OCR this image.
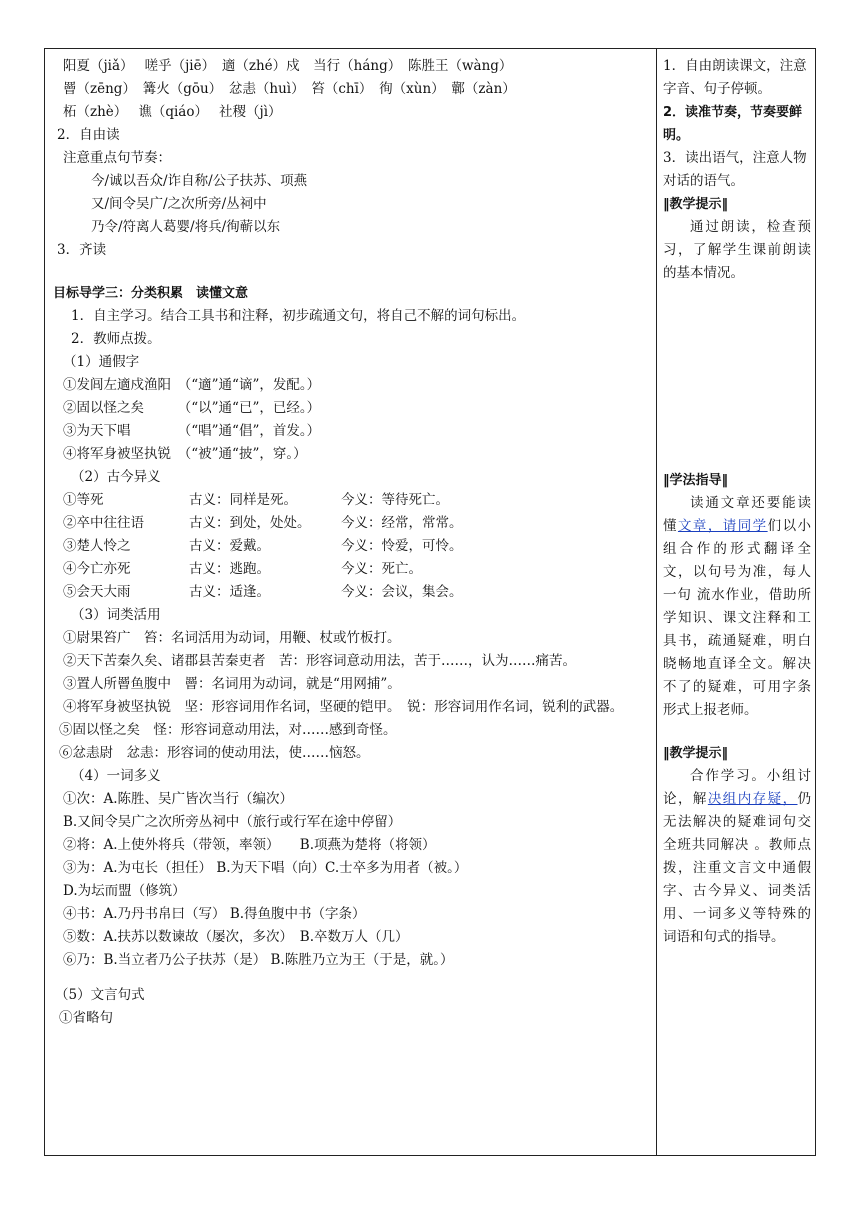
阳夏（jiǎ）　 嗟乎（jiē）　適（zhé）戍　当行（háng）　陈胜王（wàng）
罾（zēng）　篝火（gōu）　忿恚（huì）　笞（chī）　徇（xùn）　鄿（zàn）
柘（zhè）　 谯（qiáo）　 社稷（jì）
2．自由读
注意重点句节奏：
今/诚以吾众/诈自称/公子扶苏、项燕
又/间令吴广/之次所旁/丛祠中
乃令/符离人葛婴/将兵/徇蕲以东
3．齐读
目标导学三：分类积累　读懂文意
1．自主学习。结合工具书和注释，初步疏通文句，将自己不解的词句标出。
2．教师点拨。
（1）通假字
①发闾左適戍渔阳　（“適”通“谪”，发配。）
②固以怪之矣　　　（“以”通“已”，已经。）
③为天下唱　　　　（“唱”通“倡”，首发。）
④将军身被坚执锐　（“被”通“披”，穿。）
（2）古今异义
①等死	古义：同样是死。	今义：等待死亡。
②卒中往往语	古义：到处，处处。	今义：经常，常常。
③楚人怜之	古义：爱戴。	今义：怜爱，可怜。
④今亡亦死	古义：逃跑。	今义：死亡。
⑤会天大雨	古义：适逢。	今义：会议，集会。
（3）词类活用
①尉果笞广　笞：名词活用为动词，用鞭、杖或竹板打。
②天下苦秦久矣、诸郡县苦秦吏者　苦：形容词意动用法，苦于……，认为……痛苦。
③置人所罾鱼腹中　罾：名词用为动词，就是“用网捕”。
④将军身被坚执锐　坚：形容词用作名词，坚硬的铠甲。　锐：形容词用作名词，锐利的武器。
⑤固以怪之矣　怪：形容词意动用法，对……感到奇怪。
⑥忿恚尉　忿恚：形容词的使动用法，使……恼怒。
（4）一词多义
①次：A.陈胜、吴广皆次当行（编次）
B.又间令吴广之次所旁丛祠中（旅行或行军在途中停留）
②将：A.上使外将兵（带领，率领）　　B.项燕为楚将（将领）
③为：A.为屯长（担任） B.为天下唱（向）C.士卒多为用者（被。）
D.为坛而盟（修筑）
④书：A.乃丹书帛曰（写） B.得鱼腹中书（字条）
⑤数：A.扶苏以数谏故（屡次，多次）　B.卒数万人（几）
⑥乃：B.当立者乃公子扶苏（是） B.陈胜乃立为王（于是，就。）
（5）文言句式
①省略句
1．自由朗读课文，注意字音、句子停顿。
2．读准节奏，节奏要鲜明。
3．读出语气，注意人物对话的语气。
‖教学提示‖

通过朗读，检查预习，了解学生课前朗读的基本情况。

‖学法指导‖

读通文章还要能读懂文章，请同学们以小组合作的形式翻译全文，以句号为准，每人一句 流水作业，借助所学知识、课文注释和工具书，疏通疑难，明白晓畅地直译全文。解决不了的疑难，可用字条形式上报老师。

‖教学提示‖

合作学习。小组讨论，解决组内存疑，仍无法解决的疑难词句交全班共同解决 。教师点拨，注重文言文中通假字、古今异义、词类活用、一词多义等特殊的词语和句式的指导。
